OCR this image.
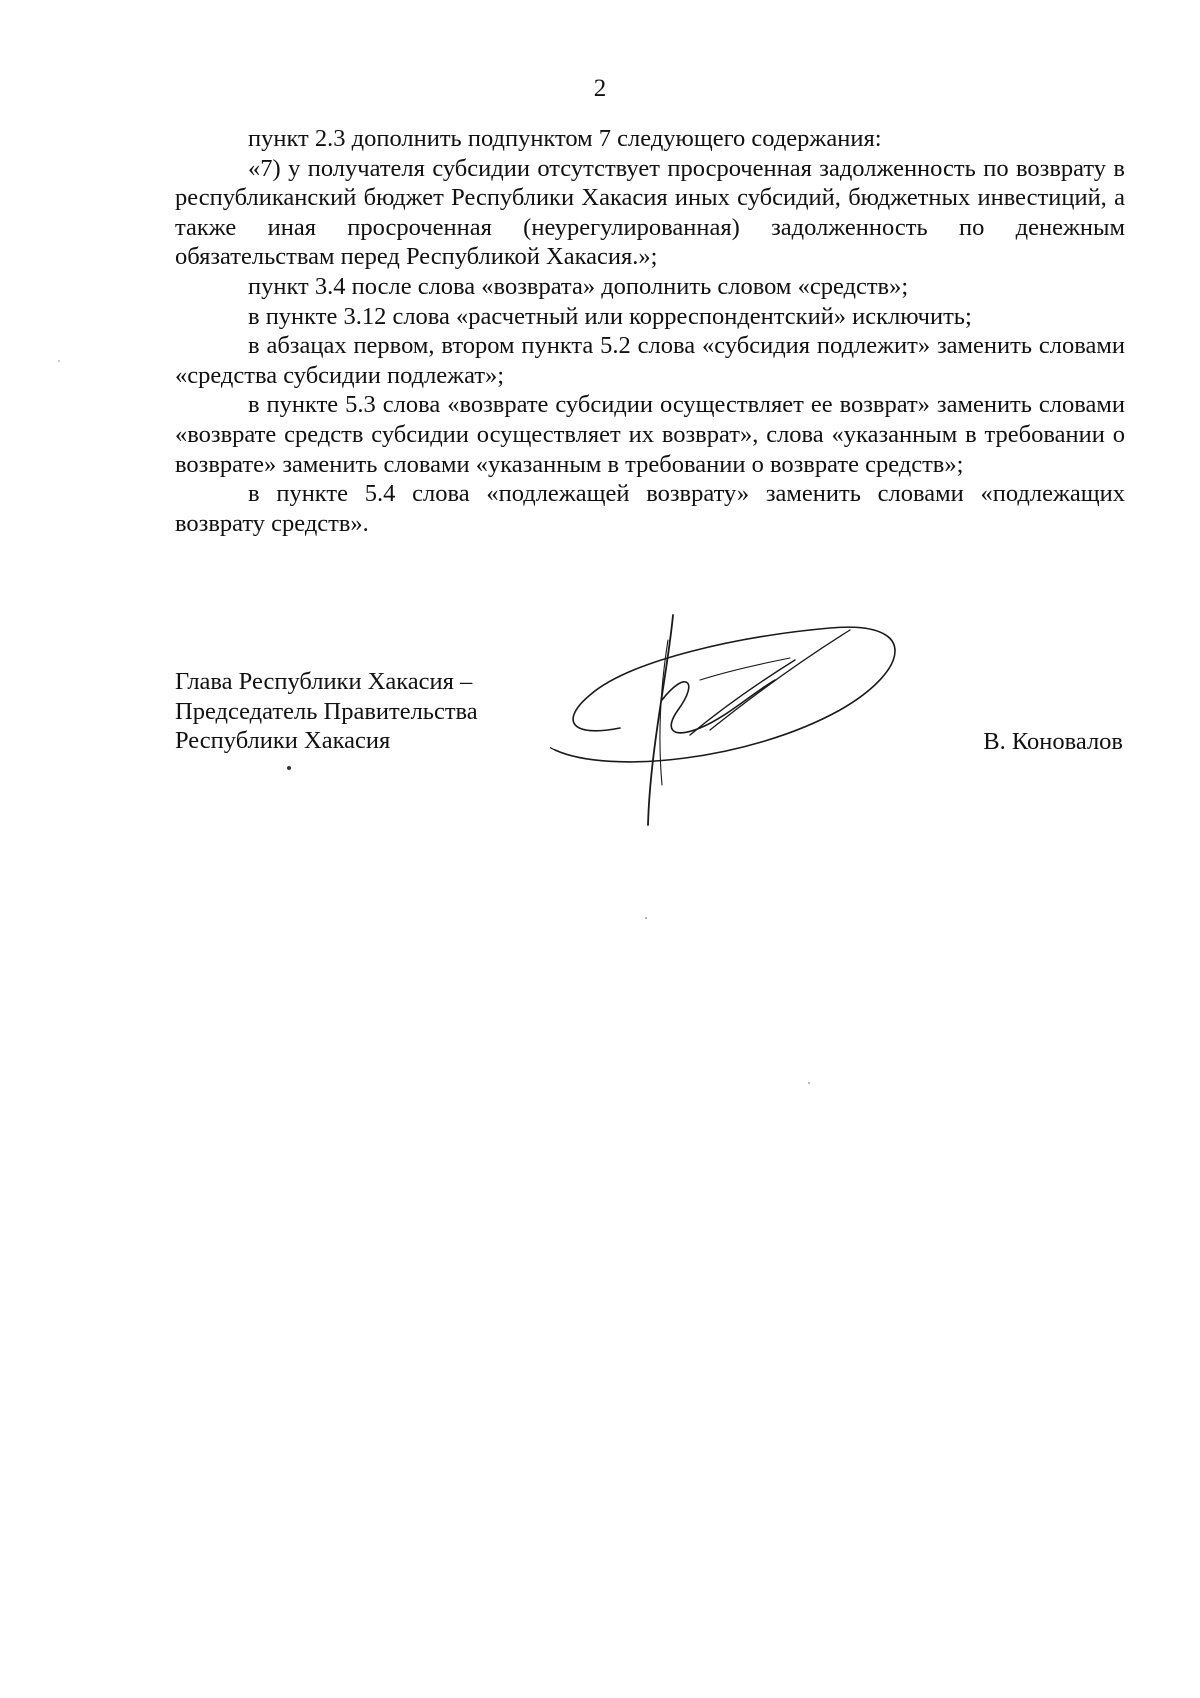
2

пункт 2.3 дополнить подпунктом 7 следующего содержания:

«7) у получателя субсидии отсутствует просроченная задолженность по возврату в республиканский бюджет Республики Хакасия иных субсидий, бюджетных инвестиций, а также иная просроченная (неурегулированная) задолженность по денежным обязательствам перед Республикой Хакасия.»;

пункт 3.4 после слова «возврата» дополнить словом «средств»;

в пункте 3.12 слова «расчетный или корреспондентский» исключить;

в абзацах первом, втором пункта 5.2 слова «субсидия подлежит» заменить словами «средства субсидии подлежат»;

в пункте 5.3 слова «возврате субсидии осуществляет ее возврат» заменить словами «возврате средств субсидии осуществляет их возврат», слова «указанным в требовании о возврате» заменить словами «указанным в требовании о возврате средств»;

в пункте 5.4 слова «подлежащей возврату» заменить словами «подлежащих возврату средств».

Глава Республики Хакасия –
Председатель Правительства
Республики Хакасия	В. Коновалов
